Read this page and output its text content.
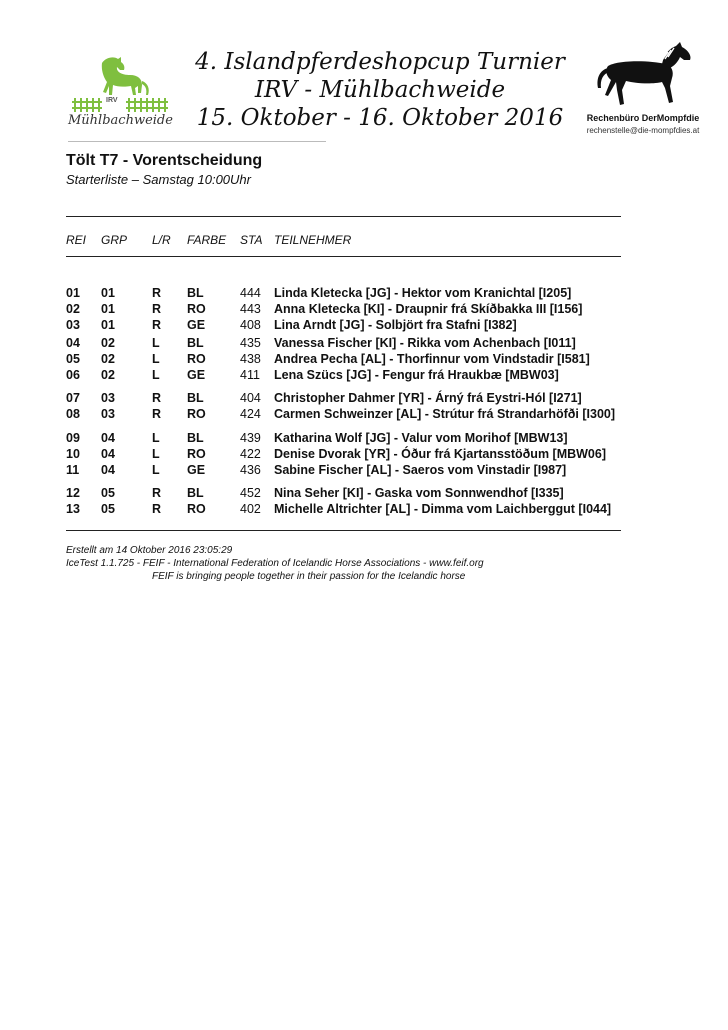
IRV
Mühlbachweide
4. Islandpferdeshopcup Turnier
IRV - Mühlbachweide
15. Oktober - 16. Oktober 2016	Rechenbüro DerMompfdie
rechenstelle@die-mompfdies.at
Tölt T7 - Vorentscheidung
Starterliste – Samstag 10:00Uhr
REI GRP L/R FARBE STA TEILNEHMER
01 01	R BL	444 Linda Kletecka [JG] - Hektor vom Kranichtal [I205]
02 01	R RO	443 Anna Kletecka [KI] - Draupnir frá Skíðbakka III [I156]
03 01	R GE	408 Lina Arndt [JG] - Solbjört fra Stafni [I382]
04 02	L BL	435 Vanessa Fischer [KI] - Rikka vom Achenbach [I011]
05 02	L RO	438 Andrea Pecha [AL] - Thorfinnur vom Vindstadir [I581]
06 02	L GE	411 Lena Szücs [JG] - Fengur frá Hraukbæ [MBW03]
07 03	R BL	404 Christopher Dahmer [YR] - Árný frá Eystri-Hól [I271]
08 03	R RO	424 Carmen Schweinzer [AL] - Strútur frá Strandarhöfði [I300]
09 04	L BL	439 Katharina Wolf [JG] - Valur vom Morihof [MBW13]
10 04	L RO	422 Denise Dvorak [YR] - Óður frá Kjartansstöðum [MBW06]
11 04	L GE	436 Sabine Fischer [AL] - Saeros vom Vinstadir [I987]
12 05	R BL	452 Nina Seher [KI] - Gaska vom Sonnwendhof [I335]
13 05	R RO	402 Michelle Altrichter [AL] - Dimma vom Laichberggut [I044]
Erstellt am 14 Oktober 2016 23:05:29
IceTest 1.1.725 - FEIF - International Federation of Icelandic Horse Associations - www.feif.org
FEIF is bringing people together in their passion for the Icelandic horse
